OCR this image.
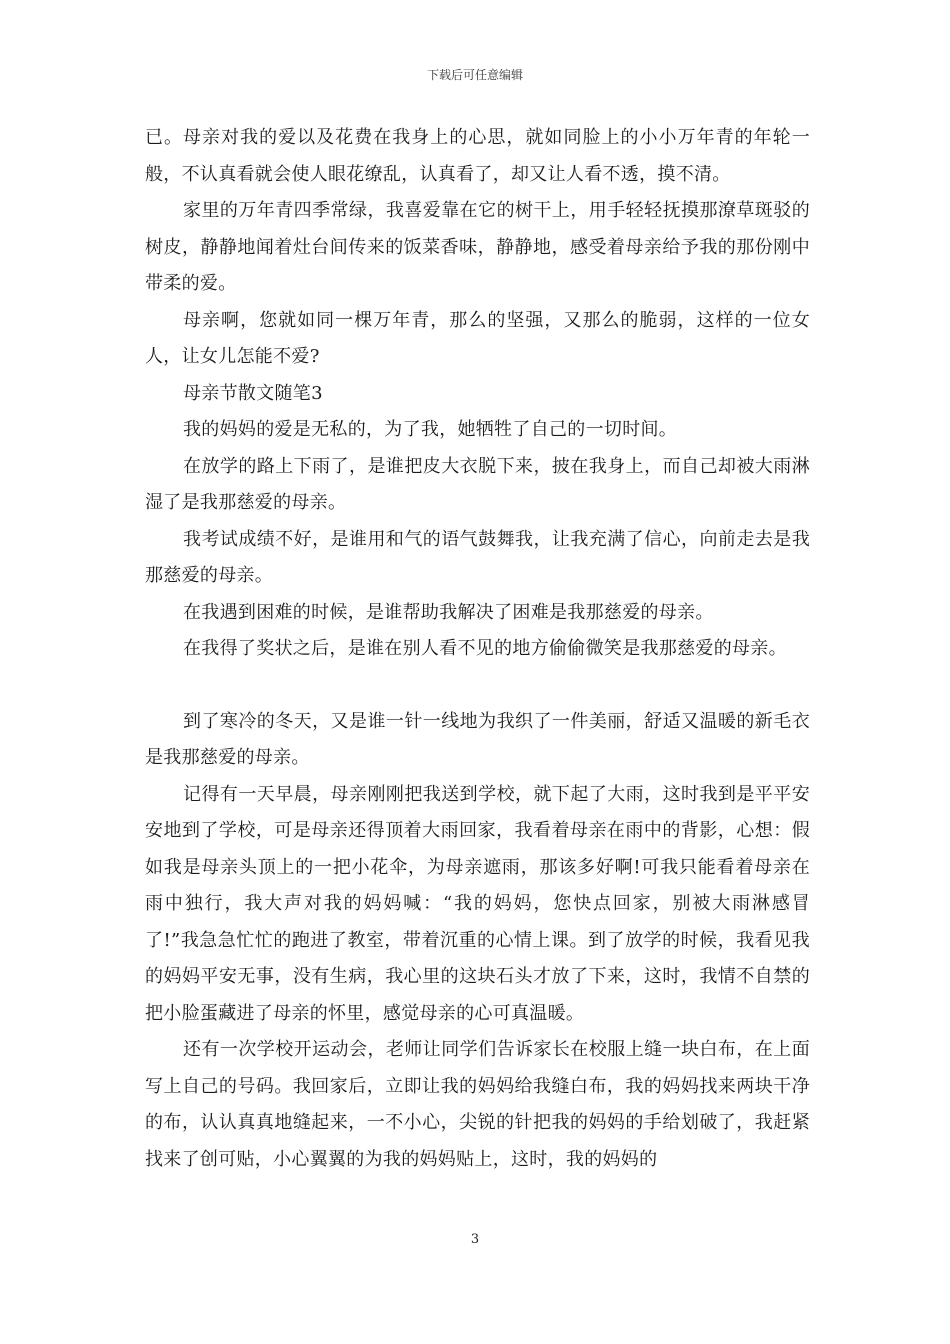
下载后可任意编辑

已。母亲对我的爱以及花费在我身上的心思，就如同脸上的小小万年青的年轮一般，不认真看就会使人眼花缭乱，认真看了，却又让人看不透，摸不清。

家里的万年青四季常绿，我喜爱靠在它的树干上，用手轻轻抚摸那潦草斑驳的树皮，静静地闻着灶台间传来的饭菜香味，静静地，感受着母亲给予我的那份刚中带柔的爱。

母亲啊，您就如同一棵万年青，那么的坚强，又那么的脆弱，这样的一位女人，让女儿怎能不爱?

母亲节散文随笔3

我的妈妈的爱是无私的，为了我，她牺牲了自己的一切时间。

在放学的路上下雨了，是谁把皮大衣脱下来，披在我身上，而自己却被大雨淋湿了是我那慈爱的母亲。

我考试成绩不好，是谁用和气的语气鼓舞我，让我充满了信心，向前走去是我那慈爱的母亲。

在我遇到困难的时候，是谁帮助我解决了困难是我那慈爱的母亲。

在我得了奖状之后，是谁在别人看不见的地方偷偷微笑是我那慈爱的母亲。

到了寒冷的冬天，又是谁一针一线地为我织了一件美丽，舒适又温暖的新毛衣是我那慈爱的母亲。

记得有一天早晨，母亲刚刚把我送到学校，就下起了大雨，这时我到是平平安安地到了学校，可是母亲还得顶着大雨回家，我看着母亲在雨中的背影，心想：假如我是母亲头顶上的一把小花伞，为母亲遮雨，那该多好啊!可我只能看着母亲在雨中独行，我大声对我的妈妈喊：“我的妈妈，您快点回家，别被大雨淋感冒了!”我急急忙忙的跑进了教室，带着沉重的心情上课。到了放学的时候，我看见我的妈妈平安无事，没有生病，我心里的这块石头才放了下来，这时，我情不自禁的把小脸蛋藏进了母亲的怀里，感觉母亲的心可真温暖。

还有一次学校开运动会，老师让同学们告诉家长在校服上缝一块白布，在上面写上自己的号码。我回家后，立即让我的妈妈给我缝白布，我的妈妈找来两块干净的布，认认真真地缝起来，一不小心，尖锐的针把我的妈妈的手给划破了，我赶紧找来了创可贴，小心翼翼的为我的妈妈贴上，这时，我的妈妈的

3
